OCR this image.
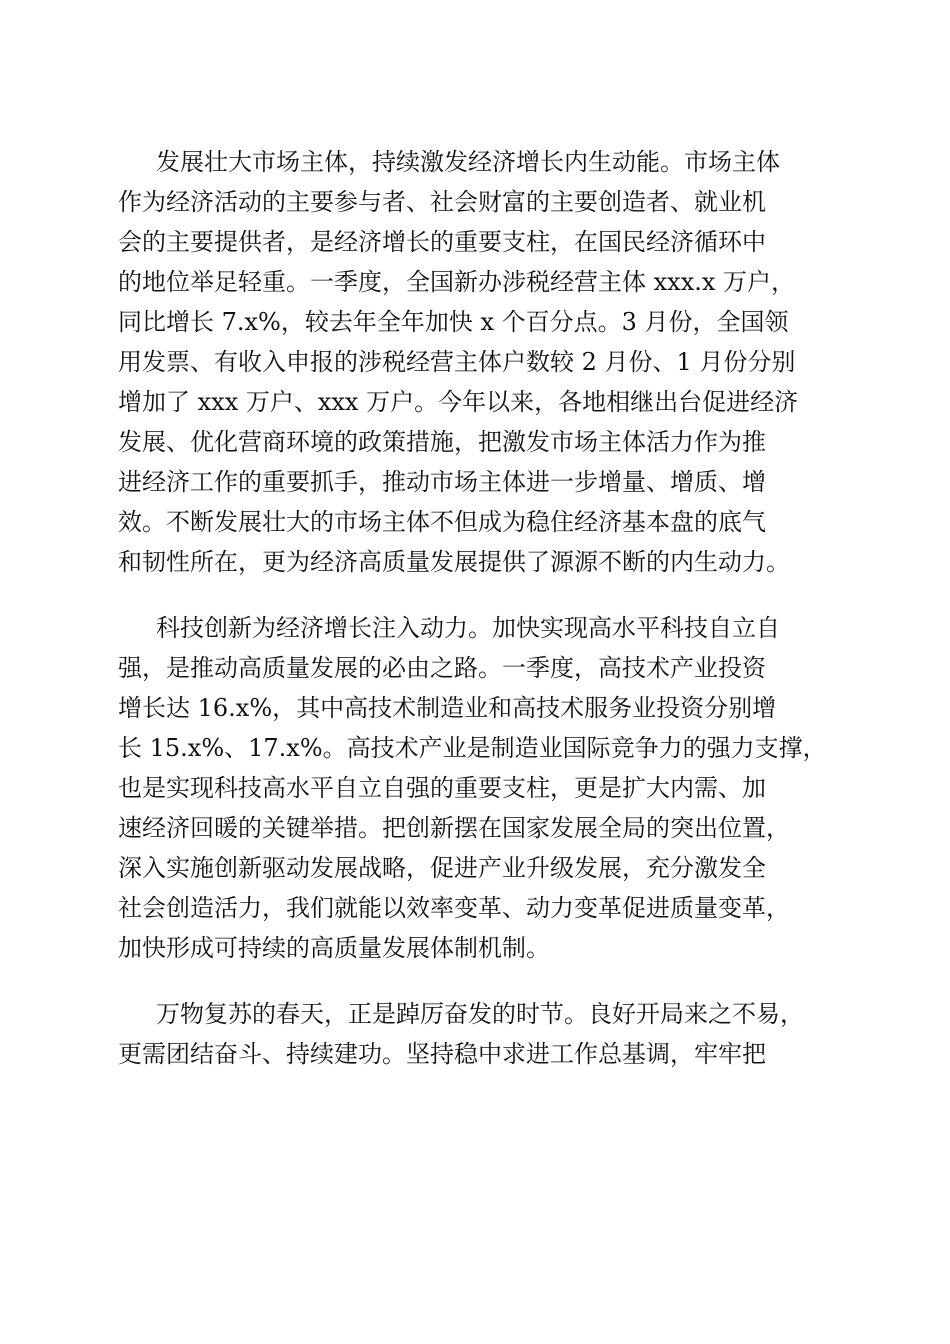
发展壮大市场主体，持续激发经济增长内生动能。市场主体
作为经济活动的主要参与者、社会财富的主要创造者、就业机
会的主要提供者，是经济增长的重要支柱，在国民经济循环中
的地位举足轻重。一季度，全国新办涉税经营主体 xxx.x 万户，
同比增长 7.x%，较去年全年加快 x 个百分点。3 月份，全国领
用发票、有收入申报的涉税经营主体户数较 2 月份、1 月份分别
增加了 xxx 万户、xxx 万户。今年以来，各地相继出台促进经济
发展、优化营商环境的政策措施，把激发市场主体活力作为推
进经济工作的重要抓手，推动市场主体进一步增量、增质、增
效。不断发展壮大的市场主体不但成为稳住经济基本盘的底气
和韧性所在，更为经济高质量发展提供了源源不断的内生动力。
科技创新为经济增长注入动力。加快实现高水平科技自立自
强，是推动高质量发展的必由之路。一季度，高技术产业投资
增长达 16.x%，其中高技术制造业和高技术服务业投资分别增
长 15.x%、17.x%。高技术产业是制造业国际竞争力的强力支撑，
也是实现科技高水平自立自强的重要支柱，更是扩大内需、加
速经济回暖的关键举措。把创新摆在国家发展全局的突出位置，
深入实施创新驱动发展战略，促进产业升级发展，充分激发全
社会创造活力，我们就能以效率变革、动力变革促进质量变革，
加快形成可持续的高质量发展体制机制。
万物复苏的春天，正是踔厉奋发的时节。良好开局来之不易，
更需团结奋斗、持续建功。坚持稳中求进工作总基调，牢牢把
